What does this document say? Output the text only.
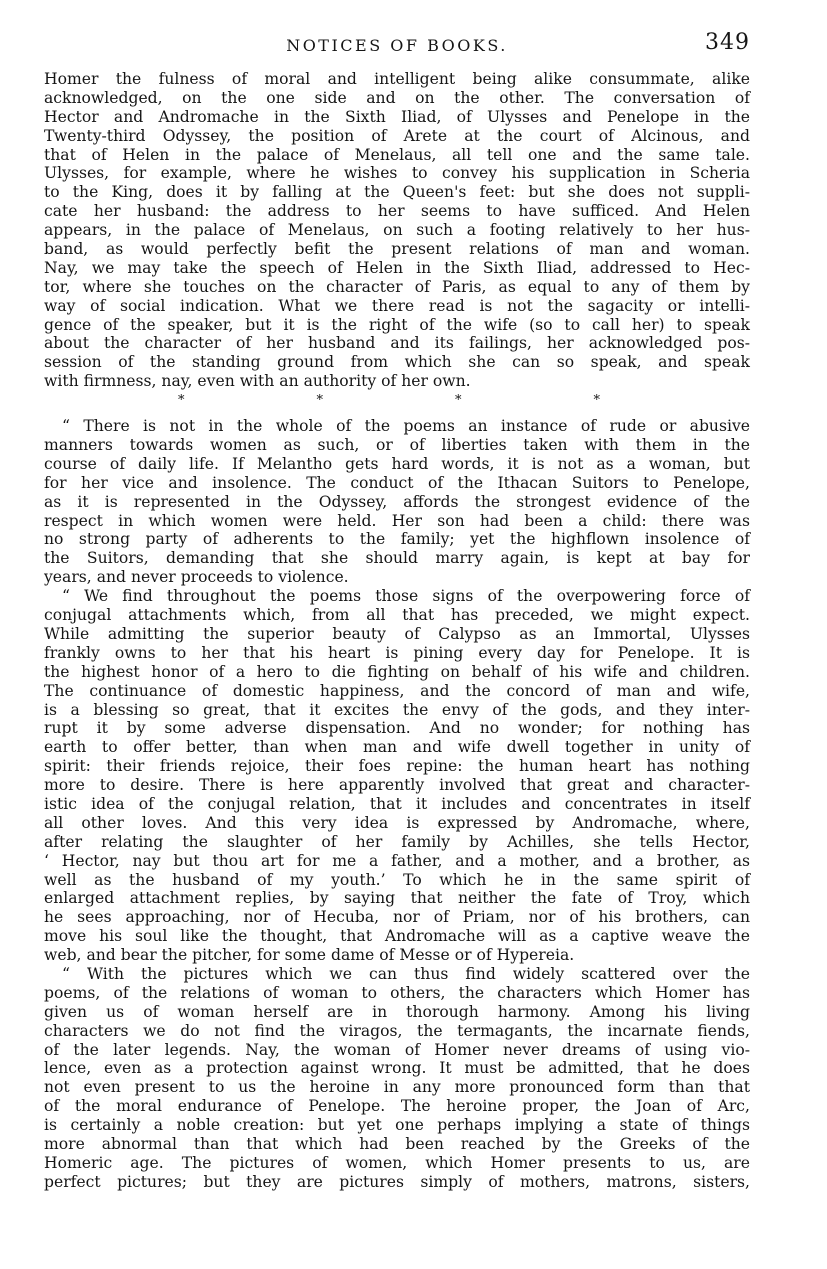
NOTICES OF BOOKS.	349
Homer the fulness of moral and intelligent being alike consummate, alike
acknowledged, on the one side and on the other. The conversation of
Hector and Andromache in the Sixth Iliad, of Ulysses and Penelope in the
Twenty-third Odyssey, the position of Arete at the court of Alcinous, and
that of Helen in the palace of Menelaus, all tell one and the same tale.
Ulysses, for example, where he wishes to convey his supplication in Scheria
to the King, does it by falling at the Queen's feet: but she does not suppli-
cate her husband: the address to her seems to have sufficed. And Helen
appears, in the palace of Menelaus, on such a footing relatively to her hus-
band, as would perfectly befit the present relations of man and woman.
Nay, we may take the speech of Helen in the Sixth Iliad, addressed to Hec-
tor, where she touches on the character of Paris, as equal to any of them by
way of social indication. What we there read is not the sagacity or intelli-
gence of the speaker, but it is the right of the wife (so to call her) to speak
about the character of her husband and its failings, her acknowledged pos-
session of the standing ground from which she can so speak, and speak
with firmness, nay, even with an authority of her own.
*	*	*	*
“ There is not in the whole of the poems an instance of rude or abusive
manners towards women as such, or of liberties taken with them in the
course of daily life. If Melantho gets hard words, it is not as a woman, but
for her vice and insolence. The conduct of the Ithacan Suitors to Penelope,
as it is represented in the Odyssey, affords the strongest evidence of the
respect in which women were held. Her son had been a child: there was
no strong party of adherents to the family; yet the highflown insolence of
the Suitors, demanding that she should marry again, is kept at bay for
years, and never proceeds to violence.
“ We find throughout the poems those signs of the overpowering force of
conjugal attachments which, from all that has preceded, we might expect.
While admitting the superior beauty of Calypso as an Immortal, Ulysses
frankly owns to her that his heart is pining every day for Penelope. It is
the highest honor of a hero to die fighting on behalf of his wife and children.
The continuance of domestic happiness, and the concord of man and wife,
is a blessing so great, that it excites the envy of the gods, and they inter-
rupt it by some adverse dispensation. And no wonder; for nothing has
earth to offer better, than when man and wife dwell together in unity of
spirit: their friends rejoice, their foes repine: the human heart has nothing
more to desire. There is here apparently involved that great and character-
istic idea of the conjugal relation, that it includes and concentrates in itself
all other loves. And this very idea is expressed by Andromache, where,
after relating the slaughter of her family by Achilles, she tells Hector,
‘ Hector, nay but thou art for me a father, and a mother, and a brother, as
well as the husband of my youth.’ To which he in the same spirit of
enlarged attachment replies, by saying that neither the fate of Troy, which
he sees approaching, nor of Hecuba, nor of Priam, nor of his brothers, can
move his soul like the thought, that Andromache will as a captive weave the
web, and bear the pitcher, for some dame of Messe or of Hypereia.
“ With the pictures which we can thus find widely scattered over the
poems, of the relations of woman to others, the characters which Homer has
given us of woman herself are in thorough harmony. Among his living
characters we do not find the viragos, the termagants, the incarnate fiends,
of the later legends. Nay, the woman of Homer never dreams of using vio-
lence, even as a protection against wrong. It must be admitted, that he does
not even present to us the heroine in any more pronounced form than that
of the moral endurance of Penelope. The heroine proper, the Joan of Arc,
is certainly a noble creation: but yet one perhaps implying a state of things
more abnormal than that which had been reached by the Greeks of the
Homeric age. The pictures of women, which Homer presents to us, are
perfect pictures; but they are pictures simply of mothers, matrons, sisters,
